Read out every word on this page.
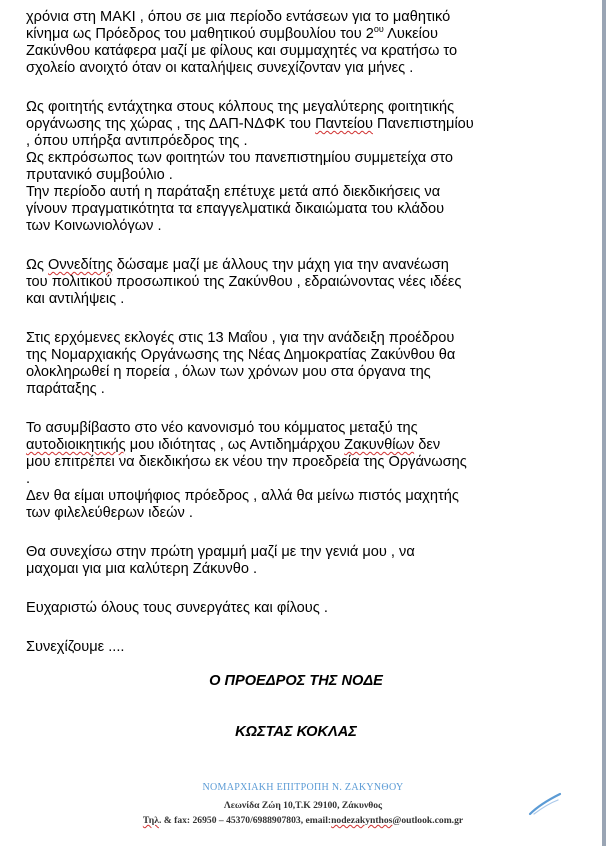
χρόνια στη ΜΑΚΙ , όπου σε μια περίοδο εντάσεων για το μαθητικό

κίνημα ως Πρόεδρος του μαθητικού συμβουλίου του $2^{o\upsilon}$ Λυκείου

Ζακύνθου κατάφερα μαζί με φίλους και συμμαχητές να κρατήσω το

σχολείο ανοιχτό όταν οι καταλήψεις συνεχίζονταν για μήνες .

Ως φοιτητής εντάχτηκα στους κόλπους της μεγαλύτερης φοιτητικής

οργάνωσης της χώρας , της ΔΑΠ-ΝΔΦΚ του Παντείου Πανεπιστημίου

, όπου υπήρξα αντιπρόεδρος της .

Ως εκπρόσωπος των φοιτητών του πανεπιστημίου συμμετείχα στο

πρυτανικό συμβούλιο .

Την περίοδο αυτή η παράταξη επέτυχε μετά από διεκδικήσεις να

γίνουν πραγματικότητα τα επαγγελματικά δικαιώματα του κλάδου

των Κοινωνιολόγων .

Ως Οννεδίτης δώσαμε μαζί με άλλους την μάχη για την ανανέωση

του πολιτικού προσωπικού της Ζακύνθου , εδραιώνοντας νέες ιδέες

και αντιλήψεις .

Στις ερχόμενες εκλογές στις 13 Μαΐου , για την ανάδειξη προέδρου

της Νομαρχιακής Οργάνωσης της Νέας Δημοκρατίας Ζακύνθου θα

ολοκληρωθεί η πορεία , όλων των χρόνων μου στα όργανα της

παράταξης .

Το ασυμβίβαστο στο νέο κανονισμό του κόμματος μεταξύ της

αυτοδιοικητικής μου ιδιότητας , ως Αντιδημάρχου Ζακυνθίων δεν

μου επιτρέπει να διεκδικήσω εκ νέου την προεδρεία της Οργάνωσης

.

Δεν θα είμαι υποψήφιος πρόεδρος , αλλά θα μείνω πιστός μαχητής

των φιλελεύθερων ιδεών .

Θα συνεχίσω στην πρώτη γραμμή μαζί με την γενιά μου , να

μαχομαι για μια καλύτερη Ζάκυνθο .

Ευχαριστώ όλους τους συνεργάτες και φίλους .

Συνεχίζουμε ....

Ο ΠΡΟΕΔΡΟΣ ΤΗΣ ΝΟΔΕ

ΚΩΣΤΑΣ ΚΟΚΛΑΣ

ΝΟΜΑΡΧΙΑΚΗ ΕΠΙΤΡΟΠΗ Ν. ΖΑΚΥΝΘΟΥ
Λεωνίδα Ζώη 10,Τ.Κ 29100, Ζάκυνθος
Τηλ. & fax: 26950 – 45370/6988907803, email:nodezakynthos@outlook.com.gr
